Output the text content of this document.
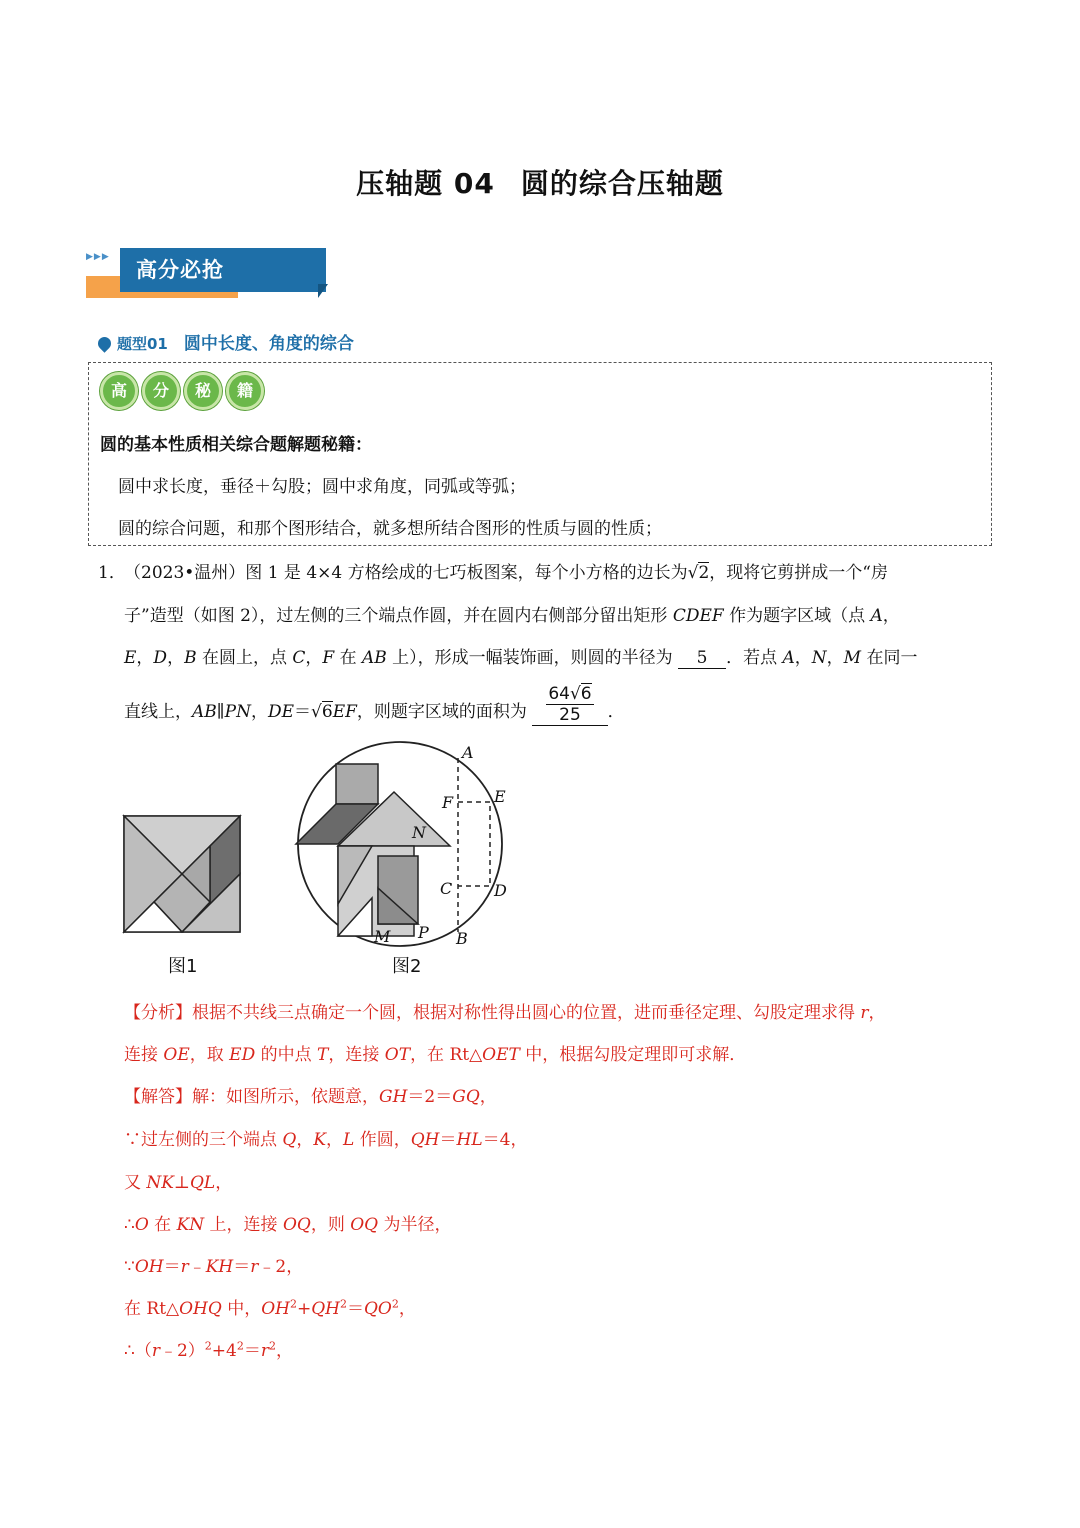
压轴题 04 圆的综合压轴题
▶▶▶
高分必抢
题型01 圆中长度、角度的综合
高 分 秘 籍
圆的基本性质相关综合题解题秘籍：
圆中求长度，垂径＋勾股；圆中求角度，同弧或等弧；
圆的综合问题，和那个图形结合，就多想所结合图形的性质与圆的性质；
1．
（2023•温州）图 1 是 4×4 方格绘成的七巧板图案，每个小方格的边长为√2，现将它剪拼成一个“房
子”造型（如图 2），过左侧的三个端点作圆，并在圆内右侧部分留出矩形 CDEF 作为题字区域（点 A，
E，D，B 在圆上，点 C，F 在 AB 上），形成一幅装饰画，则圆的半径为 5 ．若点 A，N，M 在同一
直线上，AB∥PN，DE＝√6EF，则题字区域的面积为 $\frac{64√6}{25}$ ．
A
E
F
N
C	D
M P B
图1	图2
【分析】根据不共线三点确定一个圆，根据对称性得出圆心的位置，进而垂径定理、勾股定理求得 r，
连接 OE，取 ED 的中点 T，连接 OT，在 Rt△OET 中，根据勾股定理即可求解．
【解答】解：如图所示，依题意，GH＝2＝GQ，
∵过左侧的三个端点 Q，K，L 作圆，QH＝HL＝4，
又 NK⊥QL，
∴O 在 KN 上，连接 OQ，则 OQ 为半径，
∵OH＝r﹣KH＝r﹣2，
在 Rt△OHQ 中，$OH^2+QH^2=QO^2$，
$\therefore(r﹣2)^2+4^2=r^2$，
